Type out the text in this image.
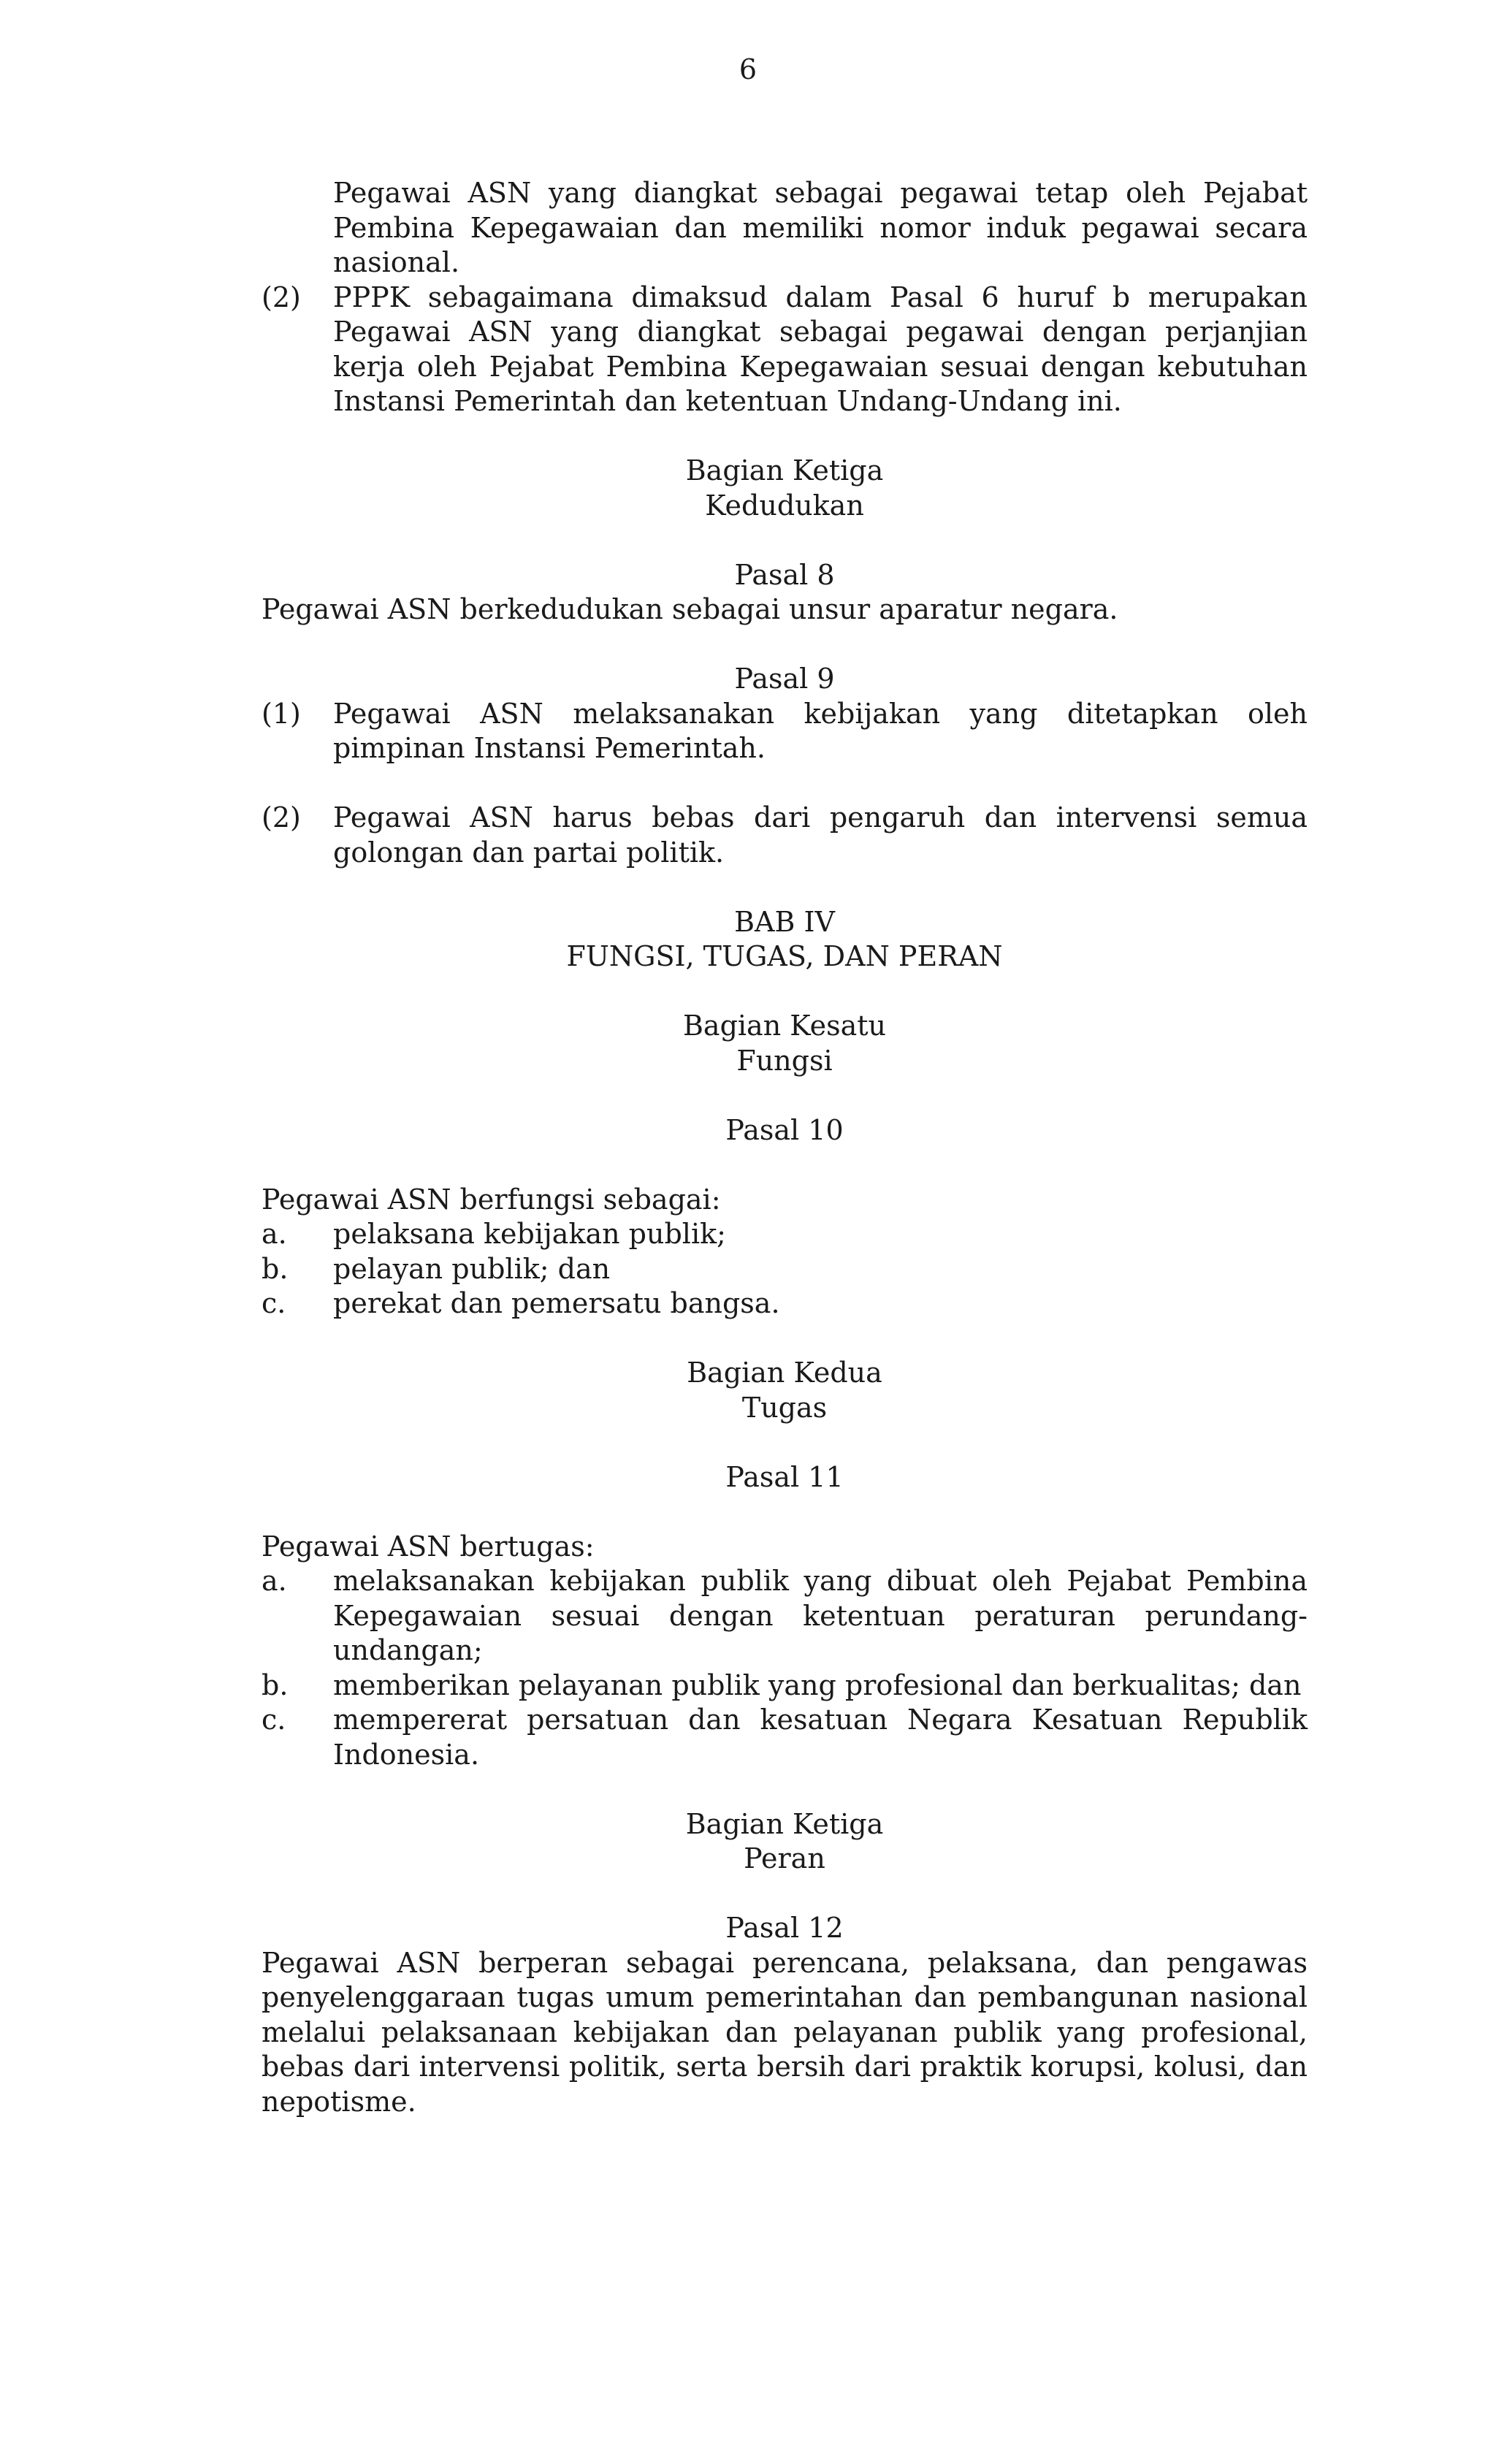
6

Pegawai ASN yang diangkat sebagai pegawai tetap oleh Pejabat Pembina Kepegawaian dan memiliki nomor induk pegawai secara nasional.

(2)	PPPK sebagaimana dimaksud dalam Pasal 6 huruf b merupakan Pegawai ASN yang diangkat sebagai pegawai dengan perjanjian kerja oleh Pejabat Pembina Kepegawaian sesuai dengan kebutuhan Instansi Pemerintah dan ketentuan Undang-Undang ini.

Bagian Ketiga

Kedudukan

Pasal 8

Pegawai ASN berkedudukan sebagai unsur aparatur negara.

Pasal 9

(1)	Pegawai ASN melaksanakan kebijakan yang ditetapkan oleh pimpinan Instansi Pemerintah.
(2)	Pegawai ASN harus bebas dari pengaruh dan intervensi semua golongan dan partai politik.

BAB IV

FUNGSI, TUGAS, DAN PERAN

Bagian Kesatu

Fungsi

Pasal 10

Pegawai ASN berfungsi sebagai:

a.	pelaksana kebijakan publik;
b.	pelayan publik; dan
c.	perekat dan pemersatu bangsa.

Bagian Kedua

Tugas

Pasal 11

Pegawai ASN bertugas:

a.	melaksanakan kebijakan publik yang dibuat oleh Pejabat Pembina Kepegawaian sesuai dengan ketentuan peraturan perundang-undangan;
b.	memberikan pelayanan publik yang profesional dan berkualitas; dan
c.	mempererat persatuan dan kesatuan Negara Kesatuan Republik Indonesia.

Bagian Ketiga

Peran

Pasal 12

Pegawai ASN berperan sebagai perencana, pelaksana, dan pengawas penyelenggaraan tugas umum pemerintahan dan pembangunan nasional melalui pelaksanaan kebijakan dan pelayanan publik yang profesional, bebas dari intervensi politik, serta bersih dari praktik korupsi, kolusi, dan nepotisme.
